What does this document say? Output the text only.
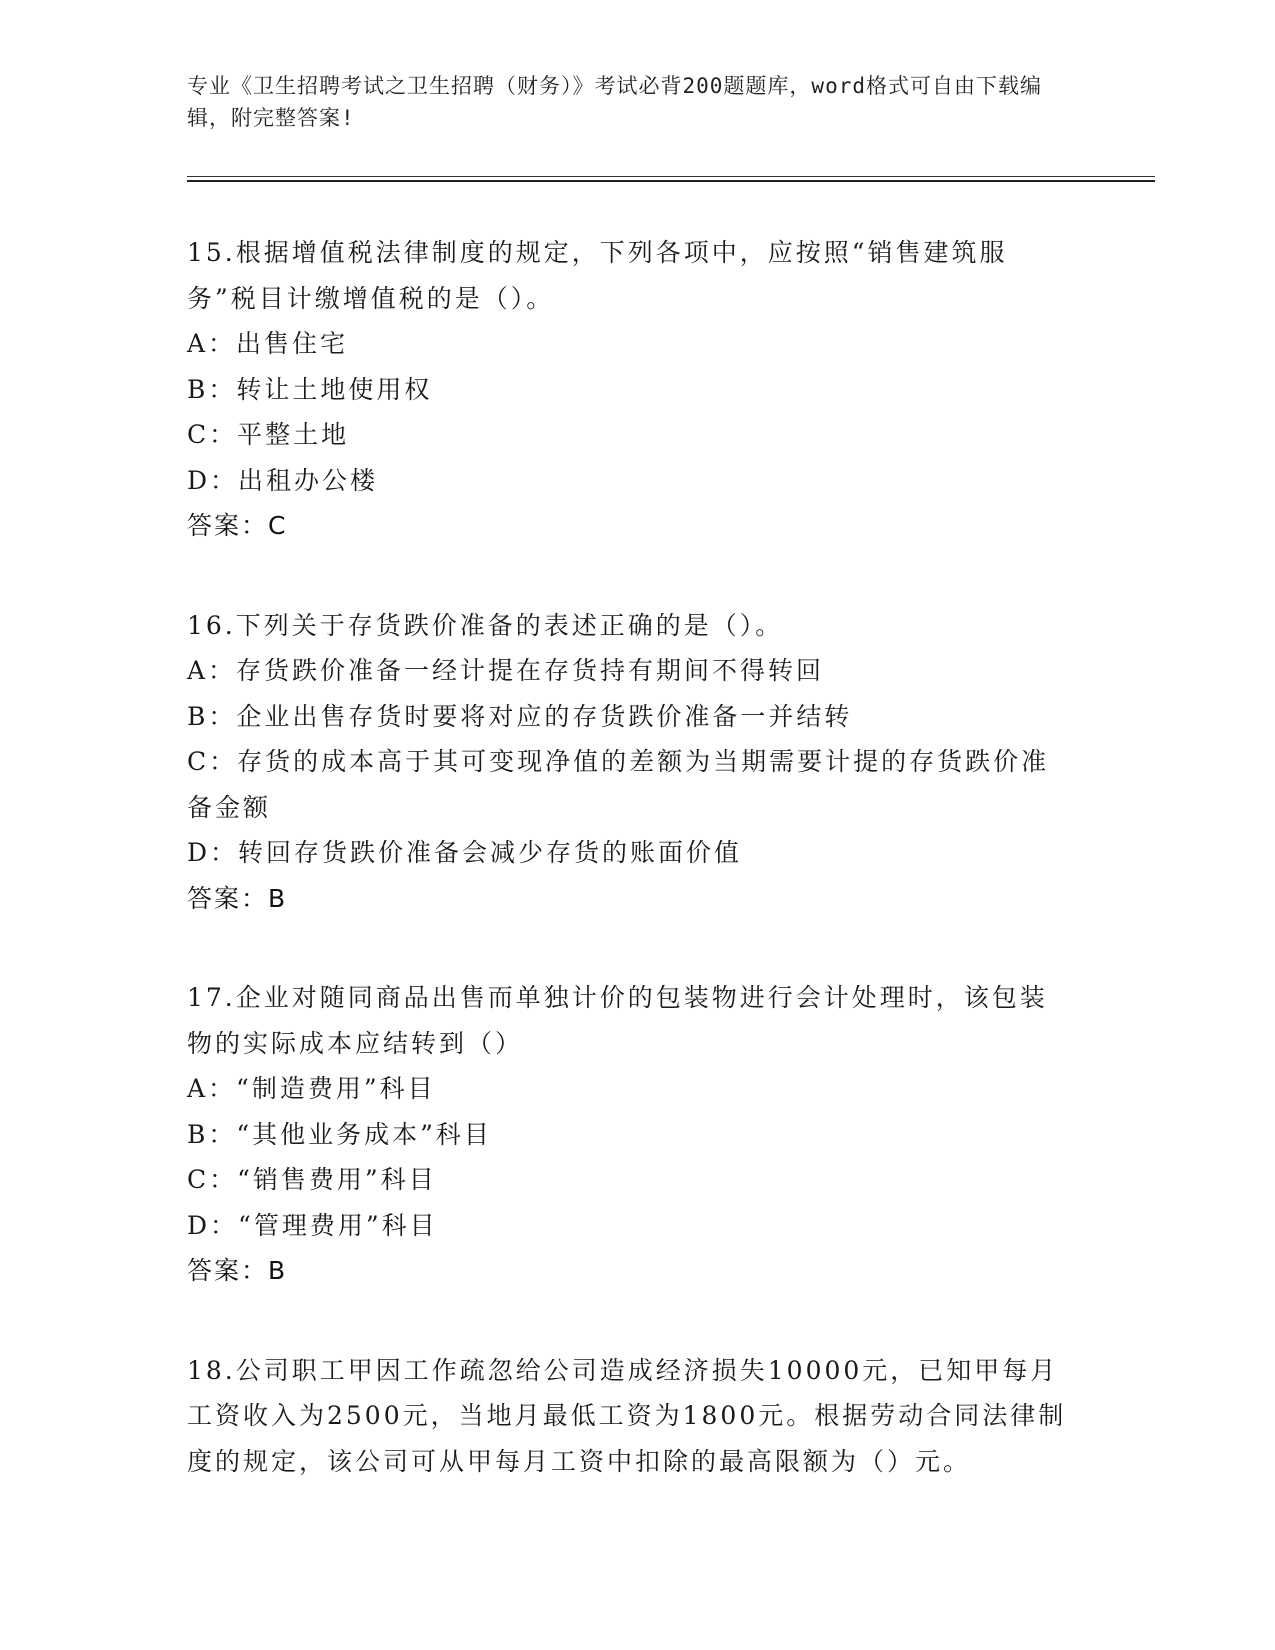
专业《卫生招聘考试之卫生招聘（财务）》考试必背200题题库，word格式可自由下载编辑，附完整答案!

15.根据增值税法律制度的规定，下列各项中，应按照“销售建筑服务”税目计缴增值税的是（）。

A：出售住宅

B：转让土地使用权

C：平整土地

D：出租办公楼

答案：C

16.下列关于存货跌价准备的表述正确的是（）。

A：存货跌价准备一经计提在存货持有期间不得转回

B：企业出售存货时要将对应的存货跌价准备一并结转

C：存货的成本高于其可变现净值的差额为当期需要计提的存货跌价准备金额

D：转回存货跌价准备会减少存货的账面价值

答案：B

17.企业对随同商品出售而单独计价的包装物进行会计处理时，该包装物的实际成本应结转到（）

A：“制造费用”科目

B：“其他业务成本”科目

C：“销售费用”科目

D：“管理费用”科目

答案：B

18.公司职工甲因工作疏忽给公司造成经济损失10000元，已知甲每月工资收入为2500元，当地月最低工资为1800元。根据劳动合同法律制度的规定，该公司可从甲每月工资中扣除的最高限额为（）元。
